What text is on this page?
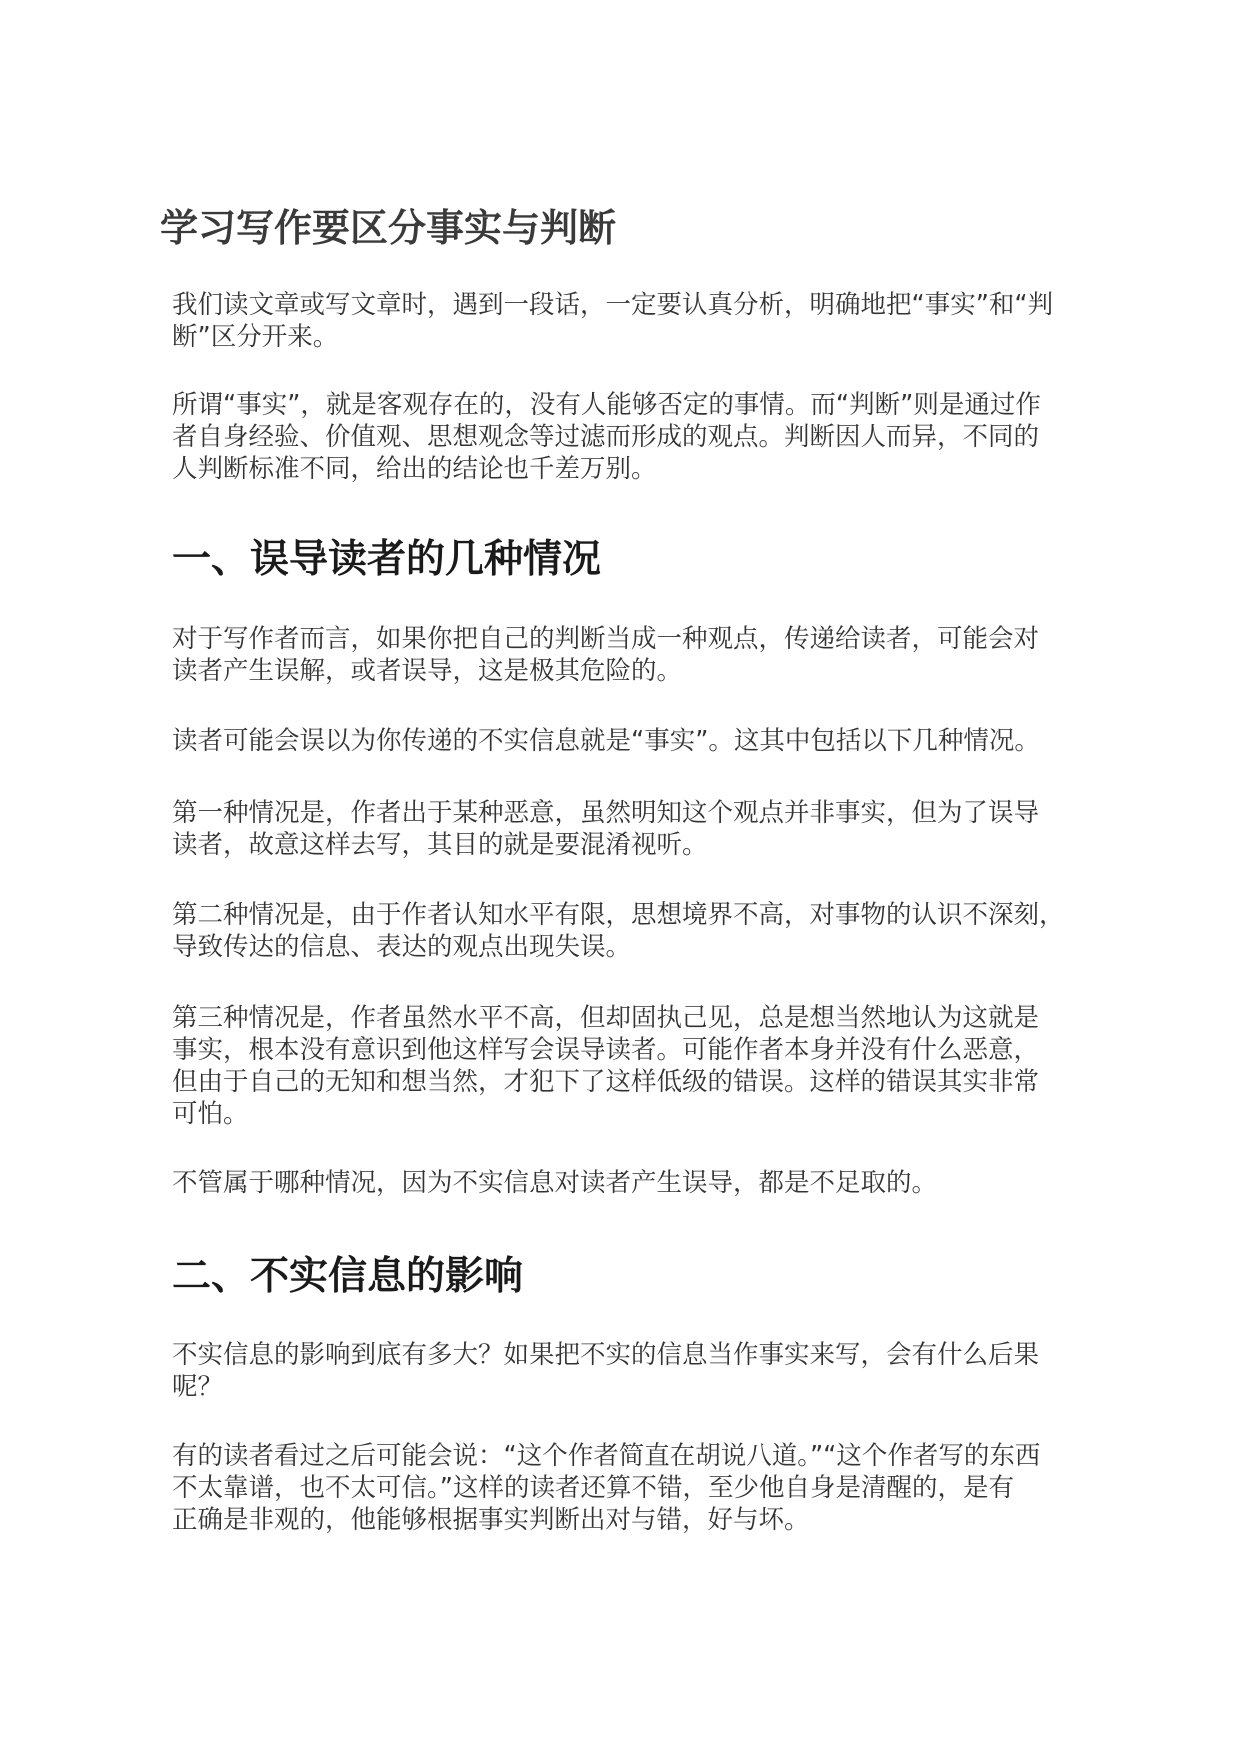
学习写作要区分事实与判断

我们读文章或写文章时，遇到一段话，一定要认真分析，明确地把“事实”和“判
断”区分开来。

所谓“事实”，就是客观存在的，没有人能够否定的事情。而“判断”则是通过作
者自身经验、价值观、思想观念等过滤而形成的观点。判断因人而异，不同的
人判断标准不同，给出的结论也千差万别。

一、误导读者的几种情况

对于写作者而言，如果你把自己的判断当成一种观点，传递给读者，可能会对
读者产生误解，或者误导，这是极其危险的。

读者可能会误以为你传递的不实信息就是“事实”。这其中包括以下几种情况。

第一种情况是，作者出于某种恶意，虽然明知这个观点并非事实，但为了误导
读者，故意这样去写，其目的就是要混淆视听。

第二种情况是，由于作者认知水平有限，思想境界不高，对事物的认识不深刻，
导致传达的信息、表达的观点出现失误。

第三种情况是，作者虽然水平不高，但却固执己见，总是想当然地认为这就是
事实，根本没有意识到他这样写会误导读者。可能作者本身并没有什么恶意，
但由于自己的无知和想当然，才犯下了这样低级的错误。这样的错误其实非常
可怕。

不管属于哪种情况，因为不实信息对读者产生误导，都是不足取的。

二、不实信息的影响

不实信息的影响到底有多大？如果把不实的信息当作事实来写，会有什么后果
呢？

有的读者看过之后可能会说：“这个作者简直在胡说八道。”“这个作者写的东西
不太靠谱，也不太可信。”这样的读者还算不错，至少他自身是清醒的，是有
正确是非观的，他能够根据事实判断出对与错，好与坏。
